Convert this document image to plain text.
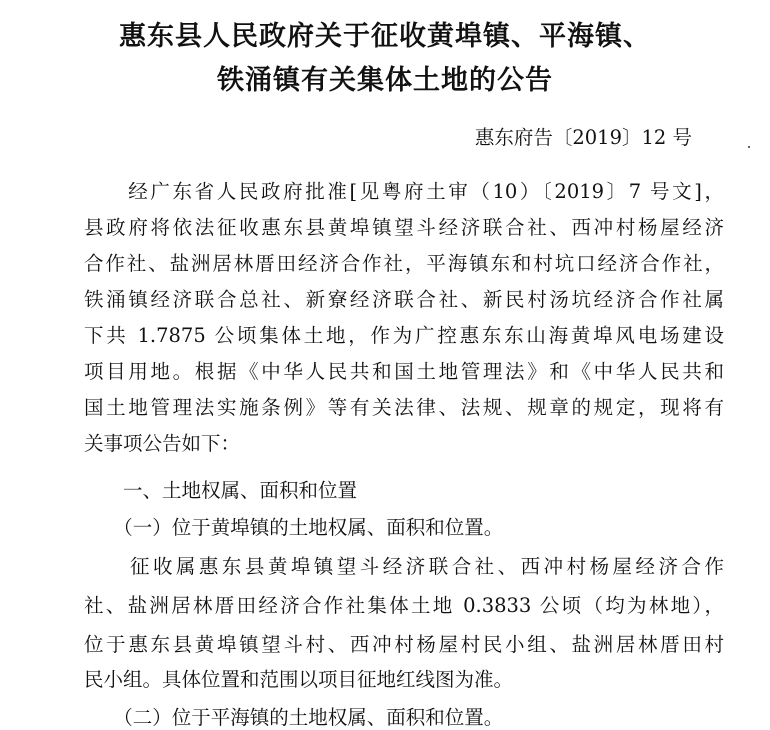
惠东县人民政府关于征收黄埠镇、平海镇、
铁涌镇有关集体土地的公告
惠东府告〔2019〕12 号
　　经广东省人民政府批准[见粤府土审（10）〔2019〕7 号文]，
县政府将依法征收惠东县黄埠镇望斗经济联合社、西冲村杨屋经济
合作社、盐洲居林厝田经济合作社，平海镇东和村坑口经济合作社，
铁涌镇经济联合总社、新寮经济联合社、新民村汤坑经济合作社属
下共 1.7875 公顷集体土地，作为广控惠东东山海黄埠风电场建设
项目用地。根据《中华人民共和国土地管理法》和《中华人民共和
国土地管理法实施条例》等有关法律、法规、规章的规定，现将有
关事项公告如下：
　　一、土地权属、面积和位置
　　（一）位于黄埠镇的土地权属、面积和位置。
　　征收属惠东县黄埠镇望斗经济联合社、西冲村杨屋经济合作
社、盐洲居林厝田经济合作社集体土地 0.3833 公顷（均为林地），
位于惠东县黄埠镇望斗村、西冲村杨屋村民小组、盐洲居林厝田村
民小组。具体位置和范围以项目征地红线图为准。
　　（二）位于平海镇的土地权属、面积和位置。
